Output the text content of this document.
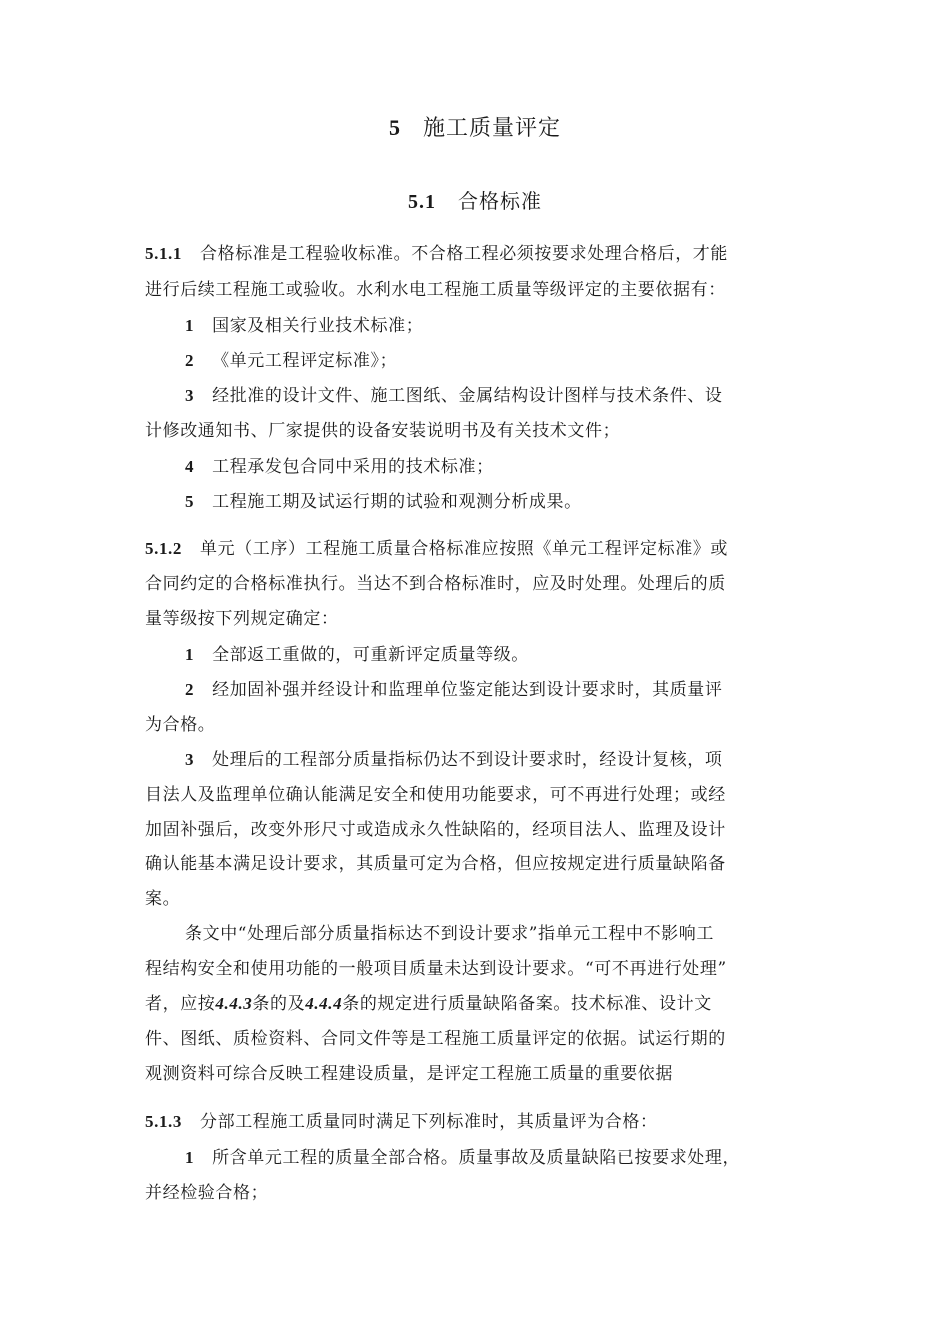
5 施工质量评定
5.1 合格标准
5.1.1 合格标准是工程验收标准。不合格工程必须按要求处理合格后，才能
进行后续工程施工或验收。水利水电工程施工质量等级评定的主要依据有：
1 国家及相关行业技术标准；
2 《单元工程评定标准》；
3 经批准的设计文件、施工图纸、金属结构设计图样与技术条件、设
计修改通知书、厂家提供的设备安装说明书及有关技术文件；
4 工程承发包合同中采用的技术标准；
5 工程施工期及试运行期的试验和观测分析成果。
5.1.2 单元（工序）工程施工质量合格标准应按照《单元工程评定标准》或
合同约定的合格标准执行。当达不到合格标准时，应及时处理。处理后的质
量等级按下列规定确定：
1 全部返工重做的，可重新评定质量等级。
2 经加固补强并经设计和监理单位鉴定能达到设计要求时，其质量评
为合格。
3 处理后的工程部分质量指标仍达不到设计要求时，经设计复核，项
目法人及监理单位确认能满足安全和使用功能要求，可不再进行处理；或经
加固补强后，改变外形尺寸或造成永久性缺陷的，经项目法人、监理及设计
确认能基本满足设计要求，其质量可定为合格，但应按规定进行质量缺陷备
案。
条文中“处理后部分质量指标达不到设计要求”指单元工程中不影响工
程结构安全和使用功能的一般项目质量未达到设计要求。“可不再进行处理”
者，应按4.4.3条的及4.4.4条的规定进行质量缺陷备案。技术标准、设计文
件、图纸、质检资料、合同文件等是工程施工质量评定的依据。试运行期的
观测资料可综合反映工程建设质量，是评定工程施工质量的重要依据
5.1.3 分部工程施工质量同时满足下列标准时，其质量评为合格：
1 所含单元工程的质量全部合格。质量事故及质量缺陷已按要求处理，
并经检验合格；
